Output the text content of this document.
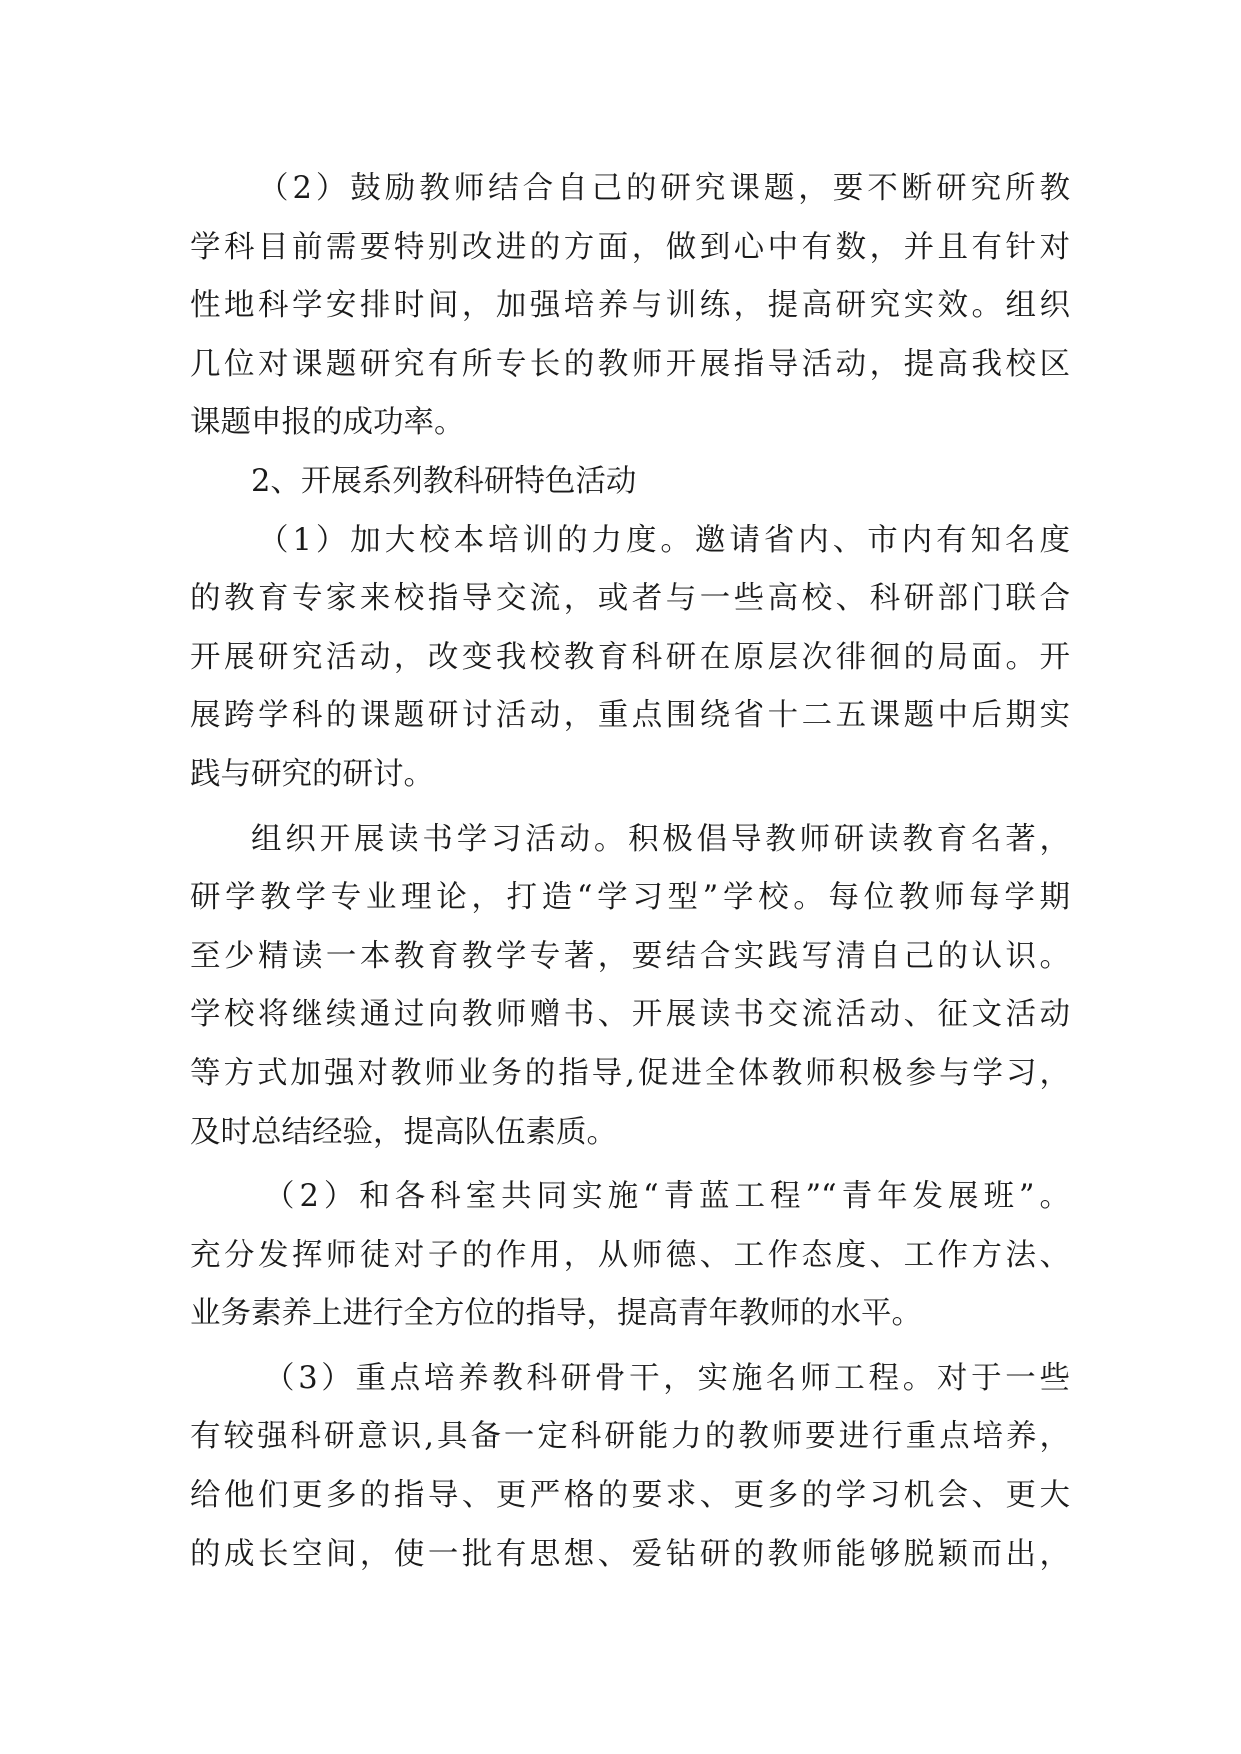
（2）鼓励教师结合自己的研究课题，要不断研究所教
学科目前需要特别改进的方面，做到心中有数，并且有针对
性地科学安排时间，加强培养与训练，提高研究实效。组织
几位对课题研究有所专长的教师开展指导活动，提高我校区
课题申报的成功率。
2、开展系列教科研特色活动
（1）加大校本培训的力度。邀请省内、市内有知名度
的教育专家来校指导交流，或者与一些高校、科研部门联合
开展研究活动，改变我校教育科研在原层次徘徊的局面。开
展跨学科的课题研讨活动，重点围绕省十二五课题中后期实
践与研究的研讨。
组织开展读书学习活动。积极倡导教师研读教育名著，
研学教学专业理论，打造“学习型”学校。每位教师每学期
至少精读一本教育教学专著，要结合实践写清自己的认识。
学校将继续通过向教师赠书、开展读书交流活动、征文活动
等方式加强对教师业务的指导,促进全体教师积极参与学习，
及时总结经验，提高队伍素质。
（2）和各科室共同实施“青蓝工程”“青年发展班”。
充分发挥师徒对子的作用，从师德、工作态度、工作方法、
业务素养上进行全方位的指导，提高青年教师的水平。
（3）重点培养教科研骨干，实施名师工程。对于一些
有较强科研意识,具备一定科研能力的教师要进行重点培养，
给他们更多的指导、更严格的要求、更多的学习机会、更大
的成长空间，使一批有思想、爱钻研的教师能够脱颖而出，
